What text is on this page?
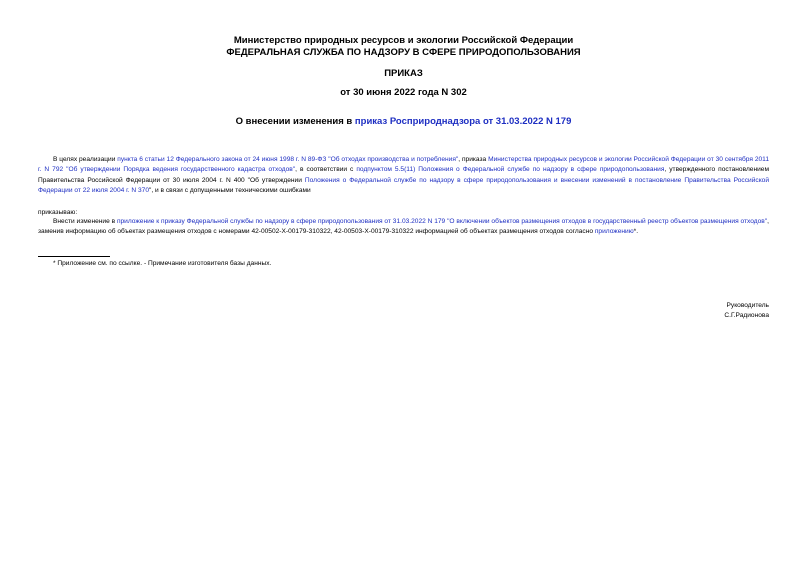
Министерство природных ресурсов и экологии Российской Федерации
ФЕДЕРАЛЬНАЯ СЛУЖБА ПО НАДЗОРУ В СФЕРЕ ПРИРОДОПОЛЬЗОВАНИЯ
ПРИКАЗ
от 30 июня 2022 года N 302
О внесении изменения в приказ Росприроднадзора от 31.03.2022 N 179
В целях реализации пункта 6 статьи 12 Федерального закона от 24 июня 1998 г. N 89-ФЗ "Об отходах производства и потребления", приказа Министерства природных ресурсов и экологии Российской Федерации от 30 сентября 2011 г. N 792 "Об утверждении Порядка ведения государственного кадастра отходов", в соответствии с подпунктом 5.5(11) Положения о Федеральной службе по надзору в сфере природопользования, утвержденного постановлением Правительства Российской Федерации от 30 июля 2004 г. N 400 "Об утверждении Положения о Федеральной службе по надзору в сфере природопользования и внесении изменений в постановление Правительства Российской Федерации от 22 июля 2004 г. N 370", и в связи с допущенными техническими ошибками
приказываю:
Внести изменение в приложение к приказу Федеральной службы по надзору в сфере природопользования от 31.03.2022 N 179 "О включении объектов размещения отходов в государственный реестр объектов размещения отходов", заменив информацию об объектах размещения отходов с номерами 42-00502-Х-00179-310322, 42-00503-Х-00179-310322 информацией об объектах размещения отходов согласно приложению*.
* Приложение см. по ссылке. - Примечание изготовителя базы данных.
Руководитель
С.Г.Радионова
